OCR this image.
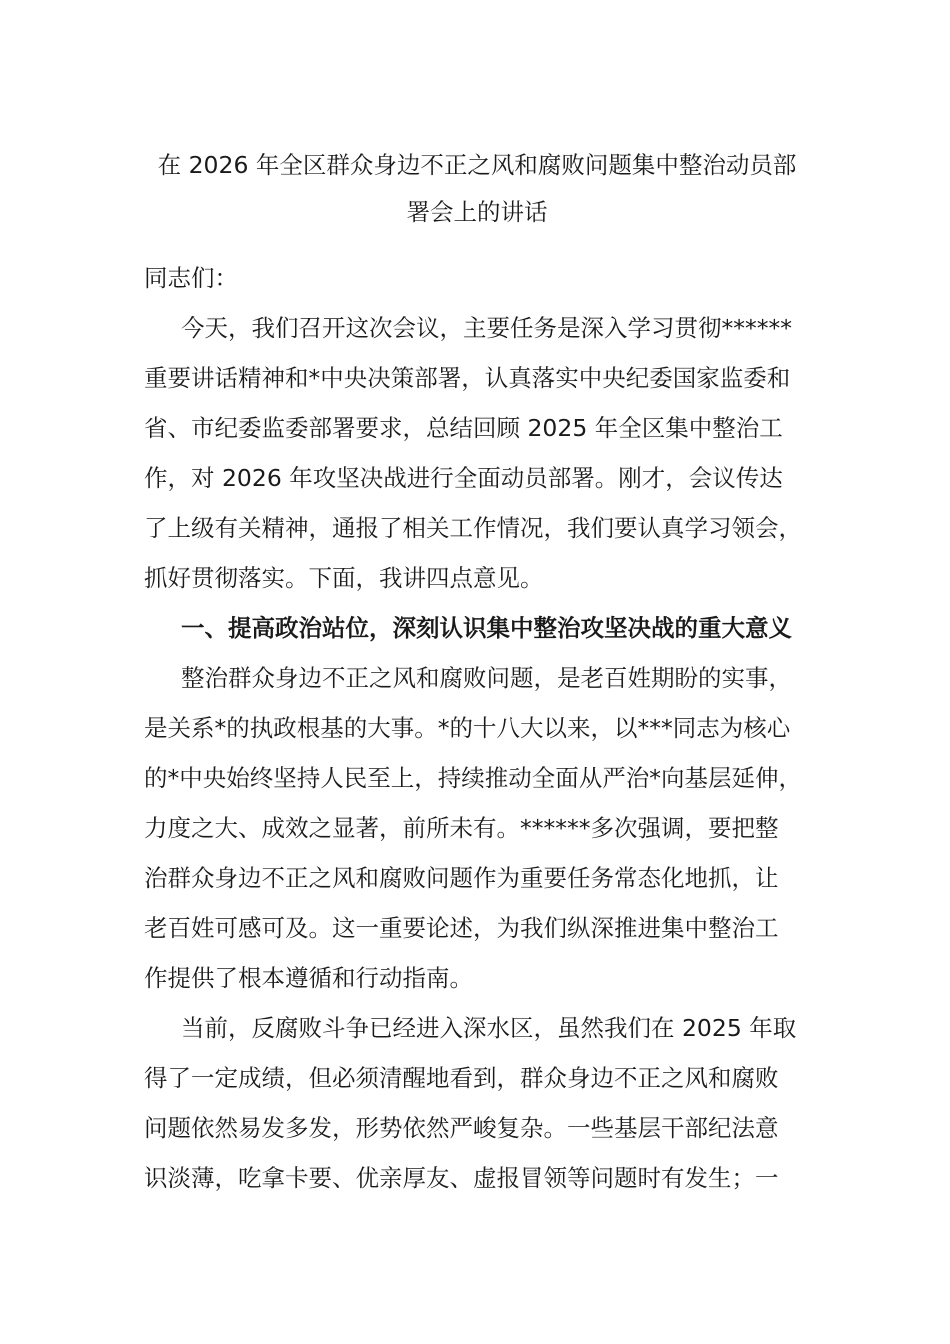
在 2026 年全区群众身边不正之风和腐败问题集中整治动员部
署会上的讲话

同志们：

今天，我们召开这次会议，主要任务是深入学习贯彻******
重要讲话精神和*中央决策部署，认真落实中央纪委国家监委和
省、市纪委监委部署要求，总结回顾 2025 年全区集中整治工
作，对 2026 年攻坚决战进行全面动员部署。刚才，会议传达
了上级有关精神，通报了相关工作情况，我们要认真学习领会，
抓好贯彻落实。下面，我讲四点意见。

一、提高政治站位，深刻认识集中整治攻坚决战的重大意义

整治群众身边不正之风和腐败问题，是老百姓期盼的实事，
是关系*的执政根基的大事。*的十八大以来，以***同志为核心
的*中央始终坚持人民至上，持续推动全面从严治*向基层延伸，
力度之大、成效之显著，前所未有。******多次强调，要把整
治群众身边不正之风和腐败问题作为重要任务常态化地抓，让
老百姓可感可及。这一重要论述，为我们纵深推进集中整治工
作提供了根本遵循和行动指南。

当前，反腐败斗争已经进入深水区，虽然我们在 2025 年取
得了一定成绩，但必须清醒地看到，群众身边不正之风和腐败
问题依然易发多发，形势依然严峻复杂。一些基层干部纪法意
识淡薄，吃拿卡要、优亲厚友、虚报冒领等问题时有发生；一
